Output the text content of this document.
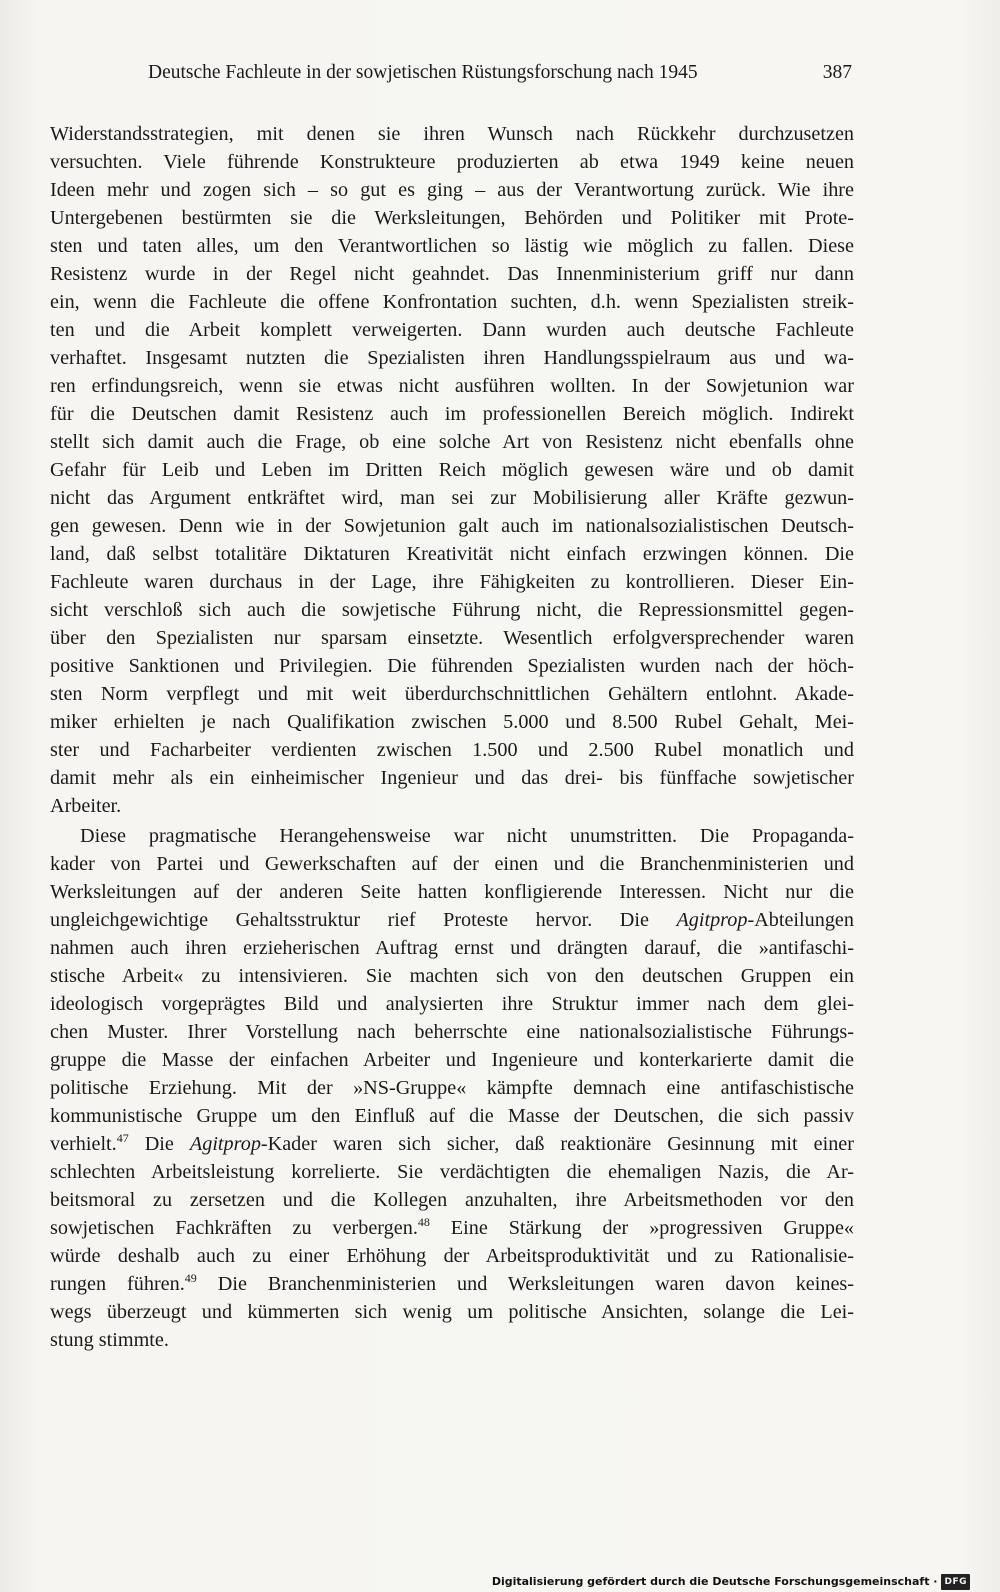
Deutsche Fachleute in der sowjetischen Rüstungsforschung nach 1945	387
Widerstandsstrategien, mit denen sie ihren Wunsch nach Rückkehr durchzusetzen
versuchten. Viele führende Konstrukteure produzierten ab etwa 1949 keine neuen
Ideen mehr und zogen sich – so gut es ging – aus der Verantwortung zurück. Wie ihre
Untergebenen bestürmten sie die Werksleitungen, Behörden und Politiker mit Prote-
sten und taten alles, um den Verantwortlichen so lästig wie möglich zu fallen. Diese
Resistenz wurde in der Regel nicht geahndet. Das Innenministerium griff nur dann
ein, wenn die Fachleute die offene Konfrontation suchten, d.h. wenn Spezialisten streik-
ten und die Arbeit komplett verweigerten. Dann wurden auch deutsche Fachleute
verhaftet. Insgesamt nutzten die Spezialisten ihren Handlungsspielraum aus und wa-
ren erfindungsreich, wenn sie etwas nicht ausführen wollten. In der Sowjetunion war
für die Deutschen damit Resistenz auch im professionellen Bereich möglich. Indirekt
stellt sich damit auch die Frage, ob eine solche Art von Resistenz nicht ebenfalls ohne
Gefahr für Leib und Leben im Dritten Reich möglich gewesen wäre und ob damit
nicht das Argument entkräftet wird, man sei zur Mobilisierung aller Kräfte gezwun-
gen gewesen. Denn wie in der Sowjetunion galt auch im nationalsozialistischen Deutsch-
land, daß selbst totalitäre Diktaturen Kreativität nicht einfach erzwingen können. Die
Fachleute waren durchaus in der Lage, ihre Fähigkeiten zu kontrollieren. Dieser Ein-
sicht verschloß sich auch die sowjetische Führung nicht, die Repressionsmittel gegen-
über den Spezialisten nur sparsam einsetzte. Wesentlich erfolgversprechender waren
positive Sanktionen und Privilegien. Die führenden Spezialisten wurden nach der höch-
sten Norm verpflegt und mit weit überdurchschnittlichen Gehältern entlohnt. Akade-
miker erhielten je nach Qualifikation zwischen 5.000 und 8.500 Rubel Gehalt, Mei-
ster und Facharbeiter verdienten zwischen 1.500 und 2.500 Rubel monatlich und
damit mehr als ein einheimischer Ingenieur und das drei- bis fünffache sowjetischer
Arbeiter.
Diese pragmatische Herangehensweise war nicht unumstritten. Die Propaganda-
kader von Partei und Gewerkschaften auf der einen und die Branchenministerien und
Werksleitungen auf der anderen Seite hatten konfligierende Interessen. Nicht nur die
ungleichgewichtige Gehaltsstruktur rief Proteste hervor. Die Agitprop-Abteilungen
nahmen auch ihren erzieherischen Auftrag ernst und drängten darauf, die »antifaschi-
stische Arbeit« zu intensivieren. Sie machten sich von den deutschen Gruppen ein
ideologisch vorgeprägtes Bild und analysierten ihre Struktur immer nach dem glei-
chen Muster. Ihrer Vorstellung nach beherrschte eine nationalsozialistische Führungs-
gruppe die Masse der einfachen Arbeiter und Ingenieure und konterkarierte damit die
politische Erziehung. Mit der »NS-Gruppe« kämpfte demnach eine antifaschistische
kommunistische Gruppe um den Einfluß auf die Masse der Deutschen, die sich passiv
verhielt.$^{47}$ Die Agitprop-Kader waren sich sicher, daß reaktionäre Gesinnung mit einer
schlechten Arbeitsleistung korrelierte. Sie verdächtigten die ehemaligen Nazis, die Ar-
beitsmoral zu zersetzen und die Kollegen anzuhalten, ihre Arbeitsmethoden vor den
sowjetischen Fachkräften zu verbergen.$^{48}$ Eine Stärkung der »progressiven Gruppe«
würde deshalb auch zu einer Erhöhung der Arbeitsproduktivität und zu Rationalisie-
rungen führen.$^{49}$ Die Branchenministerien und Werksleitungen waren davon keines-
wegs überzeugt und kümmerten sich wenig um politische Ansichten, solange die Lei-
stung stimmte.
Digitalisierung gefördert durch die Deutsche Forschungsgemeinschaft · DFG
